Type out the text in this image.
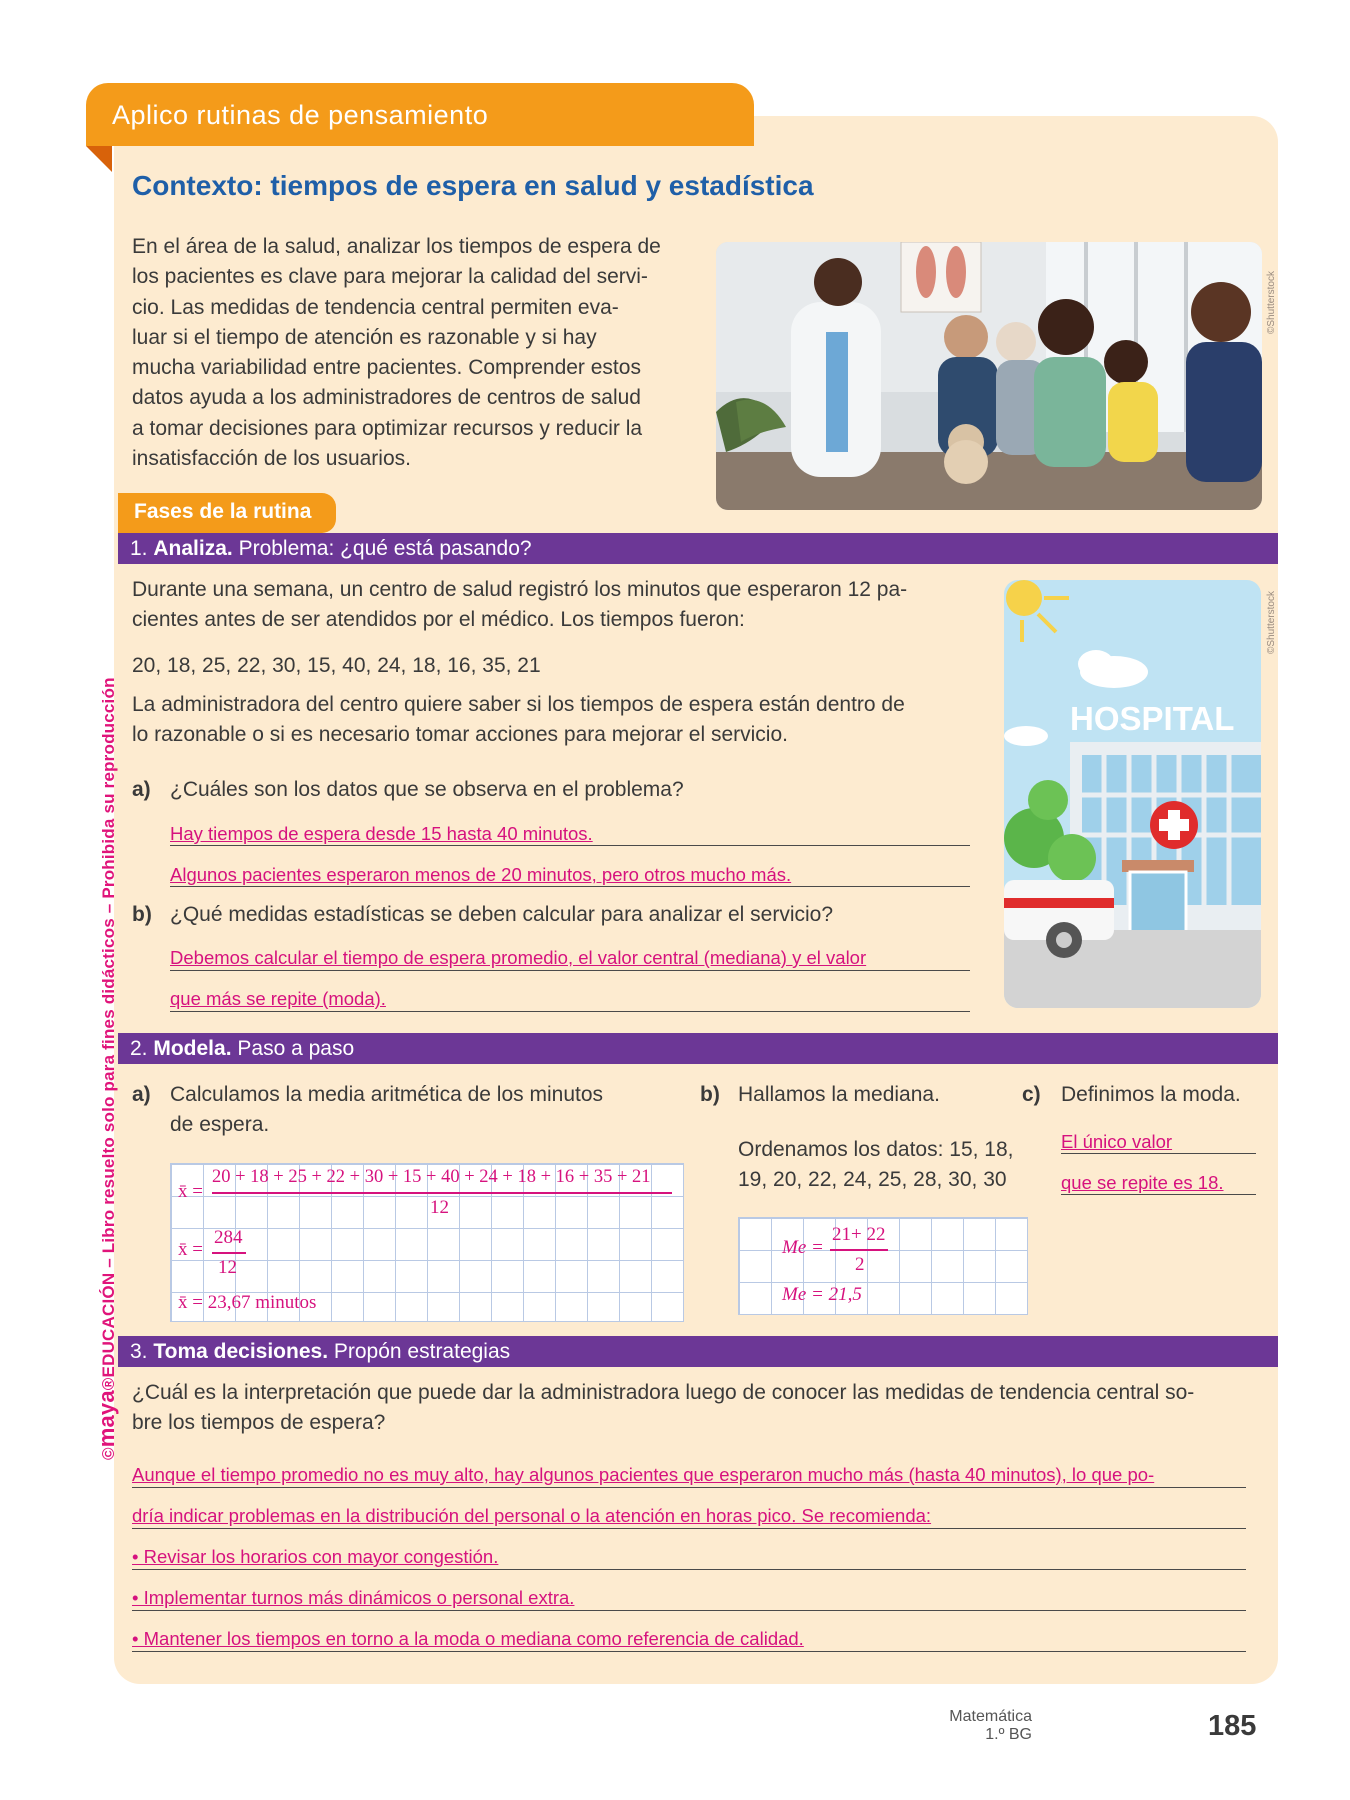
Aplico rutinas de pensamiento
Contexto: tiempos de espera en salud y estadística
En el área de la salud, analizar los tiempos de espera de
los pacientes es clave para mejorar la calidad del servi-
cio. Las medidas de tendencia central permiten eva-
luar si el tiempo de atención es razonable y si hay
mucha variabilidad entre pacientes. Comprender estos
datos ayuda a los administradores de centros de salud
a tomar decisiones para optimizar recursos y reducir la
insatisfacción de los usuarios.
©Shutterstock
©maya®EDUCACIÓN – Libro resuelto solo para fines didácticos – Prohibida su reproducción
Fases de la rutina
1. Analiza. Problema: ¿qué está pasando?
Durante una semana, un centro de salud registró los minutos que esperaron 12 pa-
cientes antes de ser atendidos por el médico. Los tiempos fueron:
20, 18, 25, 22, 30, 15, 40, 24, 18, 16, 35, 21
La administradora del centro quiere saber si los tiempos de espera están dentro de
lo razonable o si es necesario tomar acciones para mejorar el servicio.
a) ¿Cuáles son los datos que se observa en el problema?
Hay tiempos de espera desde 15 hasta 40 minutos.
Algunos pacientes esperaron menos de 20 minutos, pero otros mucho más.
b) ¿Qué medidas estadísticas se deben calcular para analizar el servicio?
Debemos calcular el tiempo de espera promedio, el valor central (mediana) y el valor
que más se repite (moda).
HOSPITAL
©Shutterstock
2. Modela. Paso a paso
a) Calculamos la media aritmética de los minutos
de espera.
x̄ =
20 + 18 + 25 + 22 + 30 + 15 + 40 + 24 + 18 + 16 + 35 + 21
12
x̄ =
284
12
x̄ = 23,67 minutos
b) Hallamos la mediana.
Ordenamos los datos: 15, 18,
19, 20, 22, 24, 25, 28, 30, 30
Me =
21+ 22
2
Me = 21,5
c) Definimos la moda.
El único valor
que se repite es 18.
3. Toma decisiones. Propón estrategias
¿Cuál es la interpretación que puede dar la administradora luego de conocer las medidas de tendencia central so-
bre los tiempos de espera?
Aunque el tiempo promedio no es muy alto, hay algunos pacientes que esperaron mucho más (hasta 40 minutos), lo que po-
dría indicar problemas en la distribución del personal o la atención en horas pico. Se recomienda:
• Revisar los horarios con mayor congestión.
• Implementar turnos más dinámicos o personal extra.
• Mantener los tiempos en torno a la moda o mediana como referencia de calidad.
Matemática
1.º BG	185
